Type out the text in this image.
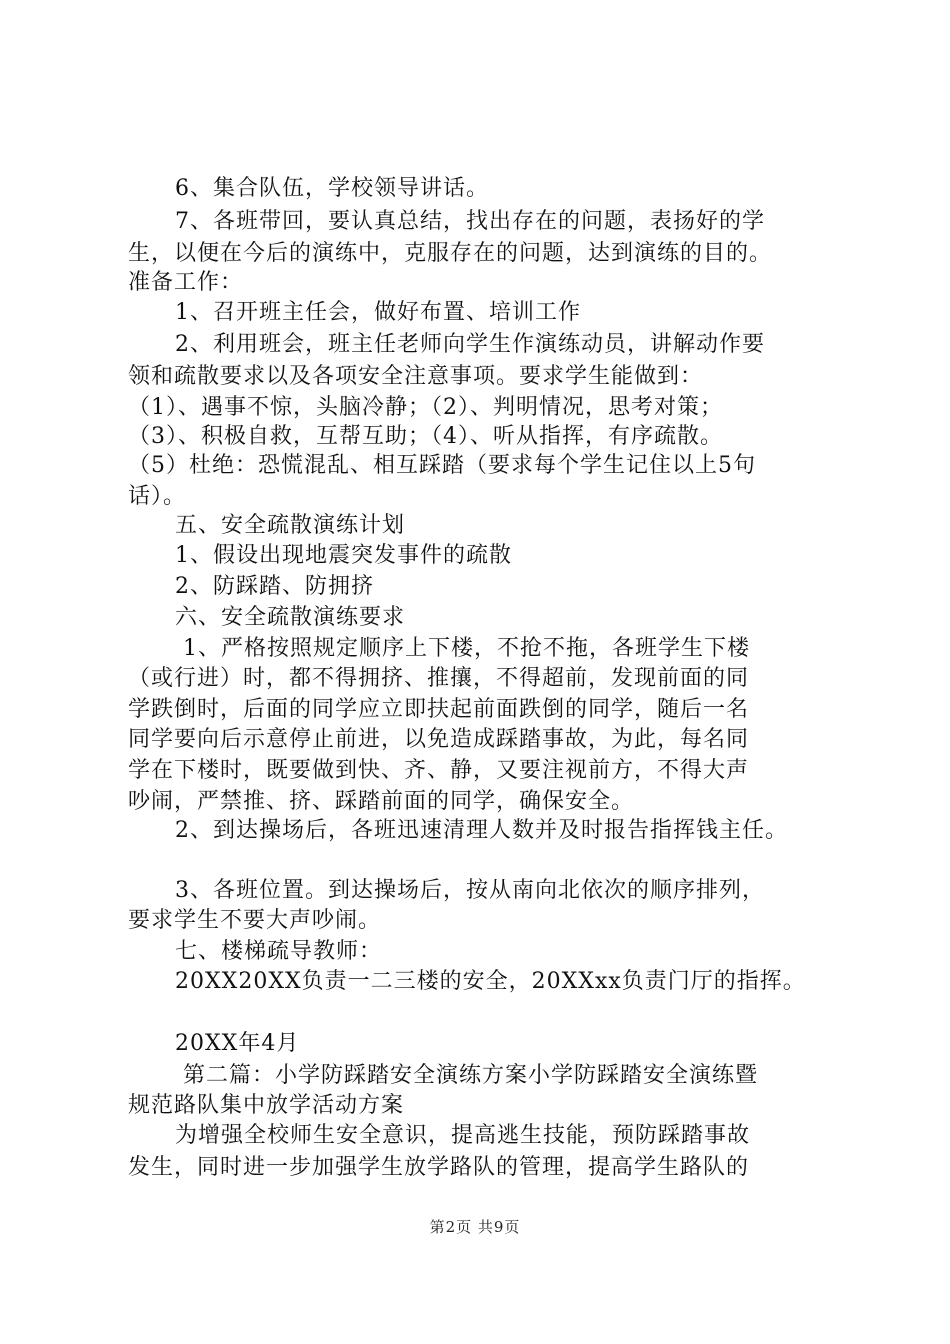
6、集合队伍，学校领导讲话。
7、各班带回，要认真总结，找出存在的问题，表扬好的学
生，以便在今后的演练中，克服存在的问题，达到演练的目的。
准备工作：
1、召开班主任会，做好布置、培训工作
2、利用班会，班主任老师向学生作演练动员，讲解动作要
领和疏散要求以及各项安全注意事项。要求学生能做到：
（1）、遇事不惊，头脑冷静；（2）、判明情况，思考对策；
（3）、积极自救，互帮互助；（4）、听从指挥，有序疏散。
（5）杜绝：恐慌混乱、相互踩踏（要求每个学生记住以上5句
话）。
五、安全疏散演练计划
1、假设出现地震突发事件的疏散
2、防踩踏、防拥挤
六、安全疏散演练要求
1、严格按照规定顺序上下楼，不抢不拖，各班学生下楼
（或行进）时，都不得拥挤、推攘，不得超前，发现前面的同
学跌倒时，后面的同学应立即扶起前面跌倒的同学，随后一名
同学要向后示意停止前进，以免造成踩踏事故，为此，每名同
学在下楼时，既要做到快、齐、静，又要注视前方，不得大声
吵闹，严禁推、挤、踩踏前面的同学，确保安全。
2、到达操场后，各班迅速清理人数并及时报告指挥钱主任。
3、各班位置。到达操场后，按从南向北依次的顺序排列，
要求学生不要大声吵闹。
七、楼梯疏导教师：
20XX20XX负责一二三楼的安全，20XXxx负责门厅的指挥。
20XX年4月
第二篇：小学防踩踏安全演练方案小学防踩踏安全演练暨
规范路队集中放学活动方案
为增强全校师生安全意识，提高逃生技能，预防踩踏事故
发生，同时进一步加强学生放学路队的管理，提高学生路队的
第2页 共9页
